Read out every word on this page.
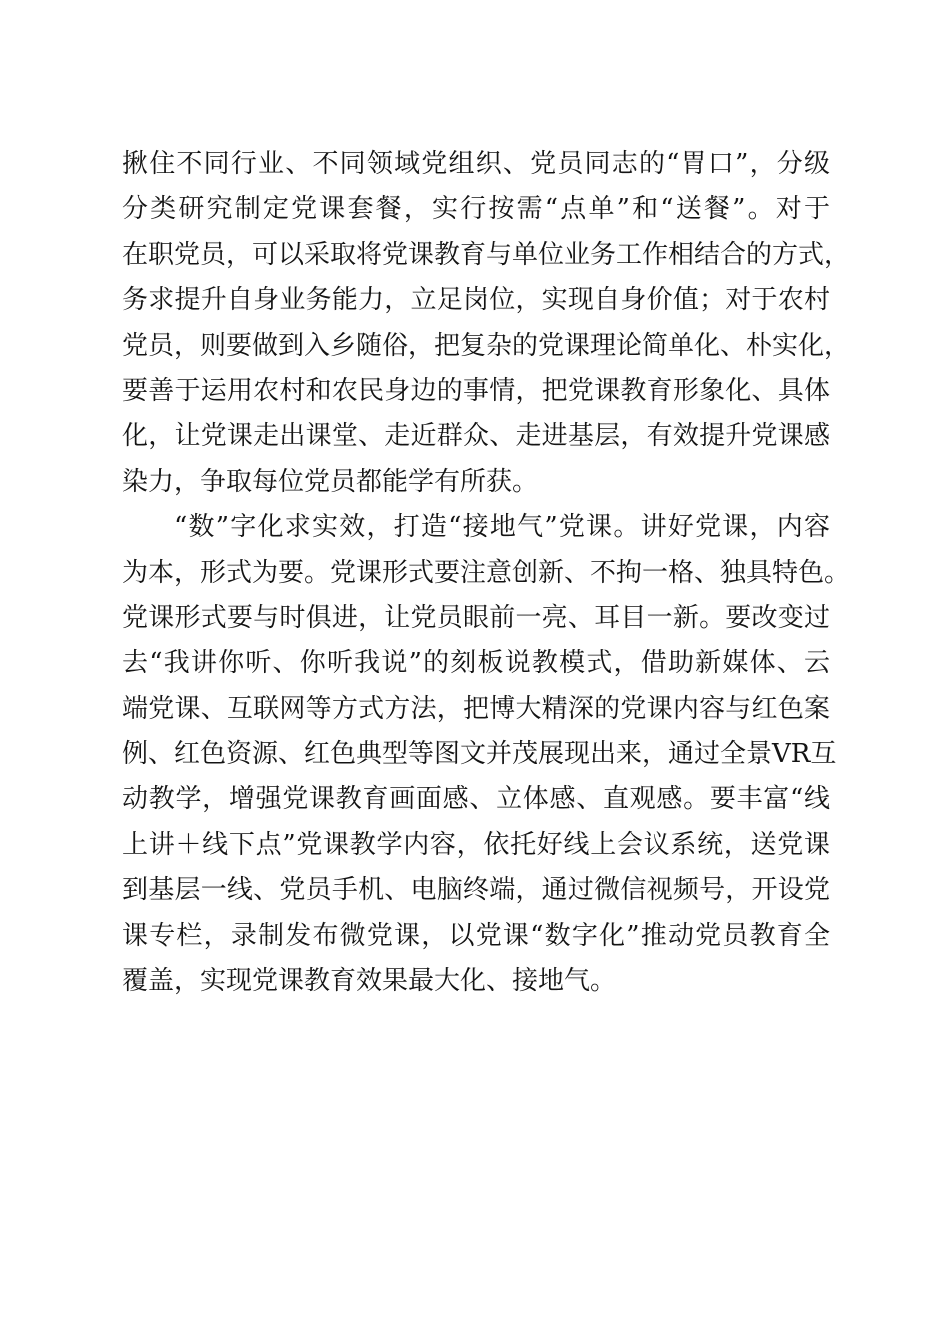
揪住不同行业、不同领域党组织、党员同志的“胃口”，分级
分类研究制定党课套餐，实行按需“点单”和“送餐”。对于
在职党员，可以采取将党课教育与单位业务工作相结合的方式，
务求提升自身业务能力，立足岗位，实现自身价值；对于农村
党员，则要做到入乡随俗，把复杂的党课理论简单化、朴实化，
要善于运用农村和农民身边的事情，把党课教育形象化、具体
化，让党课走出课堂、走近群众、走进基层，有效提升党课感
染力，争取每位党员都能学有所获。
“数”字化求实效，打造“接地气”党课。讲好党课，内容
为本，形式为要。党课形式要注意创新、不拘一格、独具特色。
党课形式要与时俱进，让党员眼前一亮、耳目一新。要改变过
去“我讲你听、你听我说”的刻板说教模式，借助新媒体、云
端党课、互联网等方式方法，把博大精深的党课内容与红色案
例、红色资源、红色典型等图文并茂展现出来，通过全景VR互
动教学，增强党课教育画面感、立体感、直观感。要丰富“线
上讲＋线下点”党课教学内容，依托好线上会议系统，送党课
到基层一线、党员手机、电脑终端，通过微信视频号，开设党
课专栏，录制发布微党课，以党课“数字化”推动党员教育全
覆盖，实现党课教育效果最大化、接地气。
